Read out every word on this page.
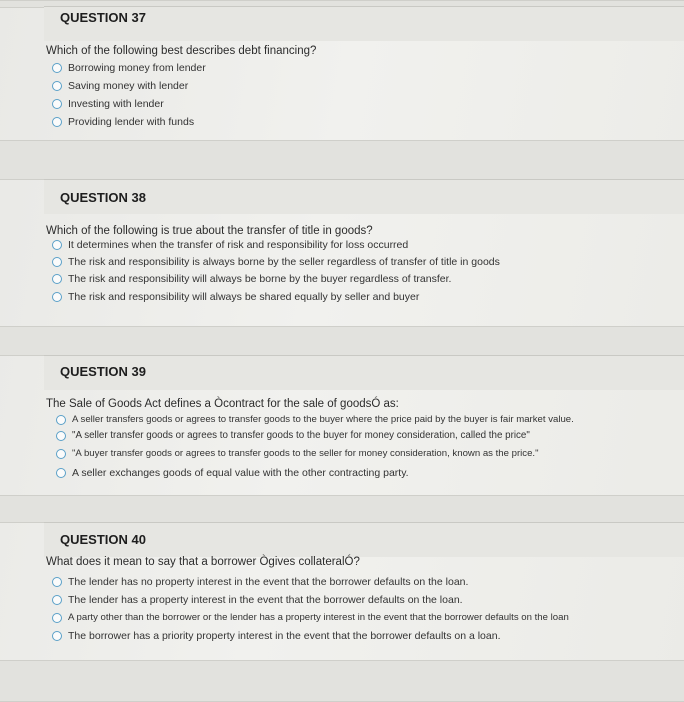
QUESTION 37
Which of the following best describes debt financing?
Borrowing money from lender
Saving money with lender
Investing with lender
Providing lender with funds
QUESTION 38
Which of the following is true about the transfer of title in goods?
It determines when the transfer of risk and responsibility for loss occurred
The risk and responsibility is always borne by the seller regardless of transfer of title in goods
The risk and responsibility will always be borne by the buyer regardless of transfer.
The risk and responsibility will always be shared equally by seller and buyer
QUESTION 39
The Sale of Goods Act defines a Òcontract for the sale of goodsÓ as:
A seller transfers goods or agrees to transfer goods to the buyer where the price paid by the buyer is fair market value.
"A seller transfer goods or agrees to transfer goods to the buyer for money consideration, called the price"
"A buyer transfer goods or agrees to transfer goods to the seller for money consideration, known as the price."
A seller exchanges goods of equal value with the other contracting party.
QUESTION 40
What does it mean to say that a borrower Ògives collateralÓ?
The lender has no property interest in the event that the borrower defaults on the loan.
The lender has a property interest in the event that the borrower defaults on the loan.
A party other than the borrower or the lender has a property interest in the event that the borrower defaults on the loan
The borrower has a priority property interest in the event that the borrower defaults on a loan.
